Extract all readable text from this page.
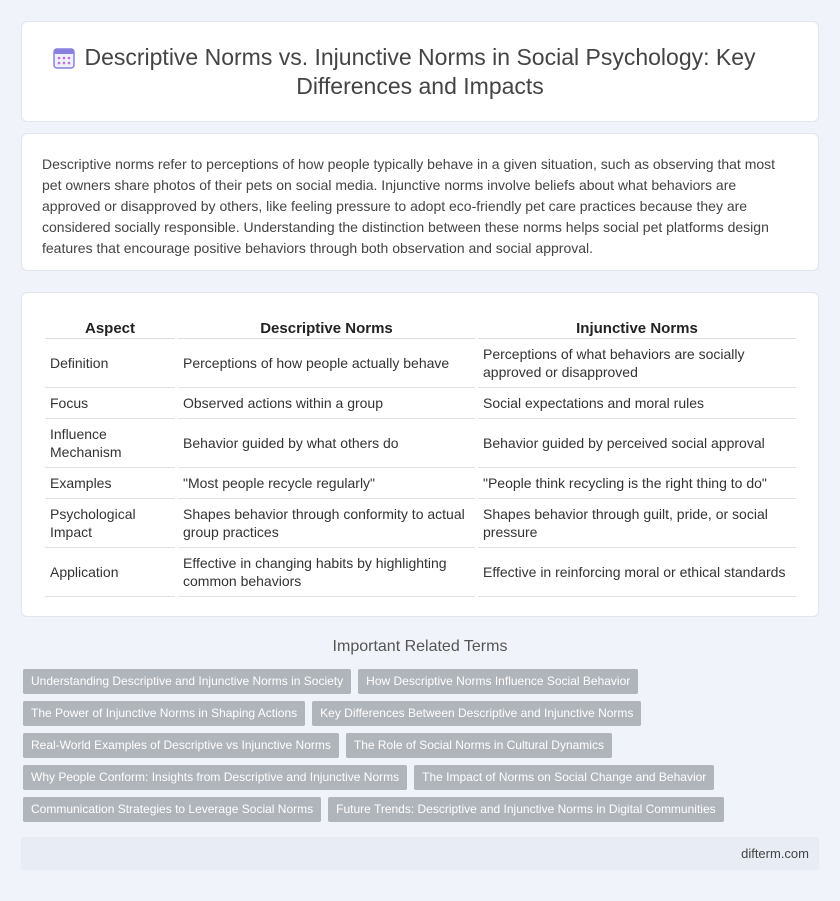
Descriptive Norms vs. Injunctive Norms in Social Psychology: Key Differences and Impacts

Descriptive norms refer to perceptions of how people typically behave in a given situation, such as observing that most pet owners share photos of their pets on social media. Injunctive norms involve beliefs about what behaviors are approved or disapproved by others, like feeling pressure to adopt eco-friendly pet care practices because they are considered socially responsible. Understanding the distinction between these norms helps social pet platforms design features that encourage positive behaviors through both observation and social approval.

Aspect	Descriptive Norms	Injunctive Norms
Definition	Perceptions of how people actually behave	Perceptions of what behaviors are socially approved or disapproved
Focus	Observed actions within a group	Social expectations and moral rules
Influence Mechanism	Behavior guided by what others do	Behavior guided by perceived social approval
Examples	"Most people recycle regularly"	"People think recycling is the right thing to do"
Psychological Impact	Shapes behavior through conformity to actual group practices	Shapes behavior through guilt, pride, or social pressure
Application	Effective in changing habits by highlighting common behaviors	Effective in reinforcing moral or ethical standards
Important Related Terms
Understanding Descriptive and Injunctive Norms in Society	How Descriptive Norms Influence Social Behavior
The Power of Injunctive Norms in Shaping Actions	Key Differences Between Descriptive and Injunctive Norms
Real-World Examples of Descriptive vs Injunctive Norms	The Role of Social Norms in Cultural Dynamics
Why People Conform: Insights from Descriptive and Injunctive Norms	The Impact of Norms on Social Change and Behavior
Communication Strategies to Leverage Social Norms	Future Trends: Descriptive and Injunctive Norms in Digital Communities
difterm.com
